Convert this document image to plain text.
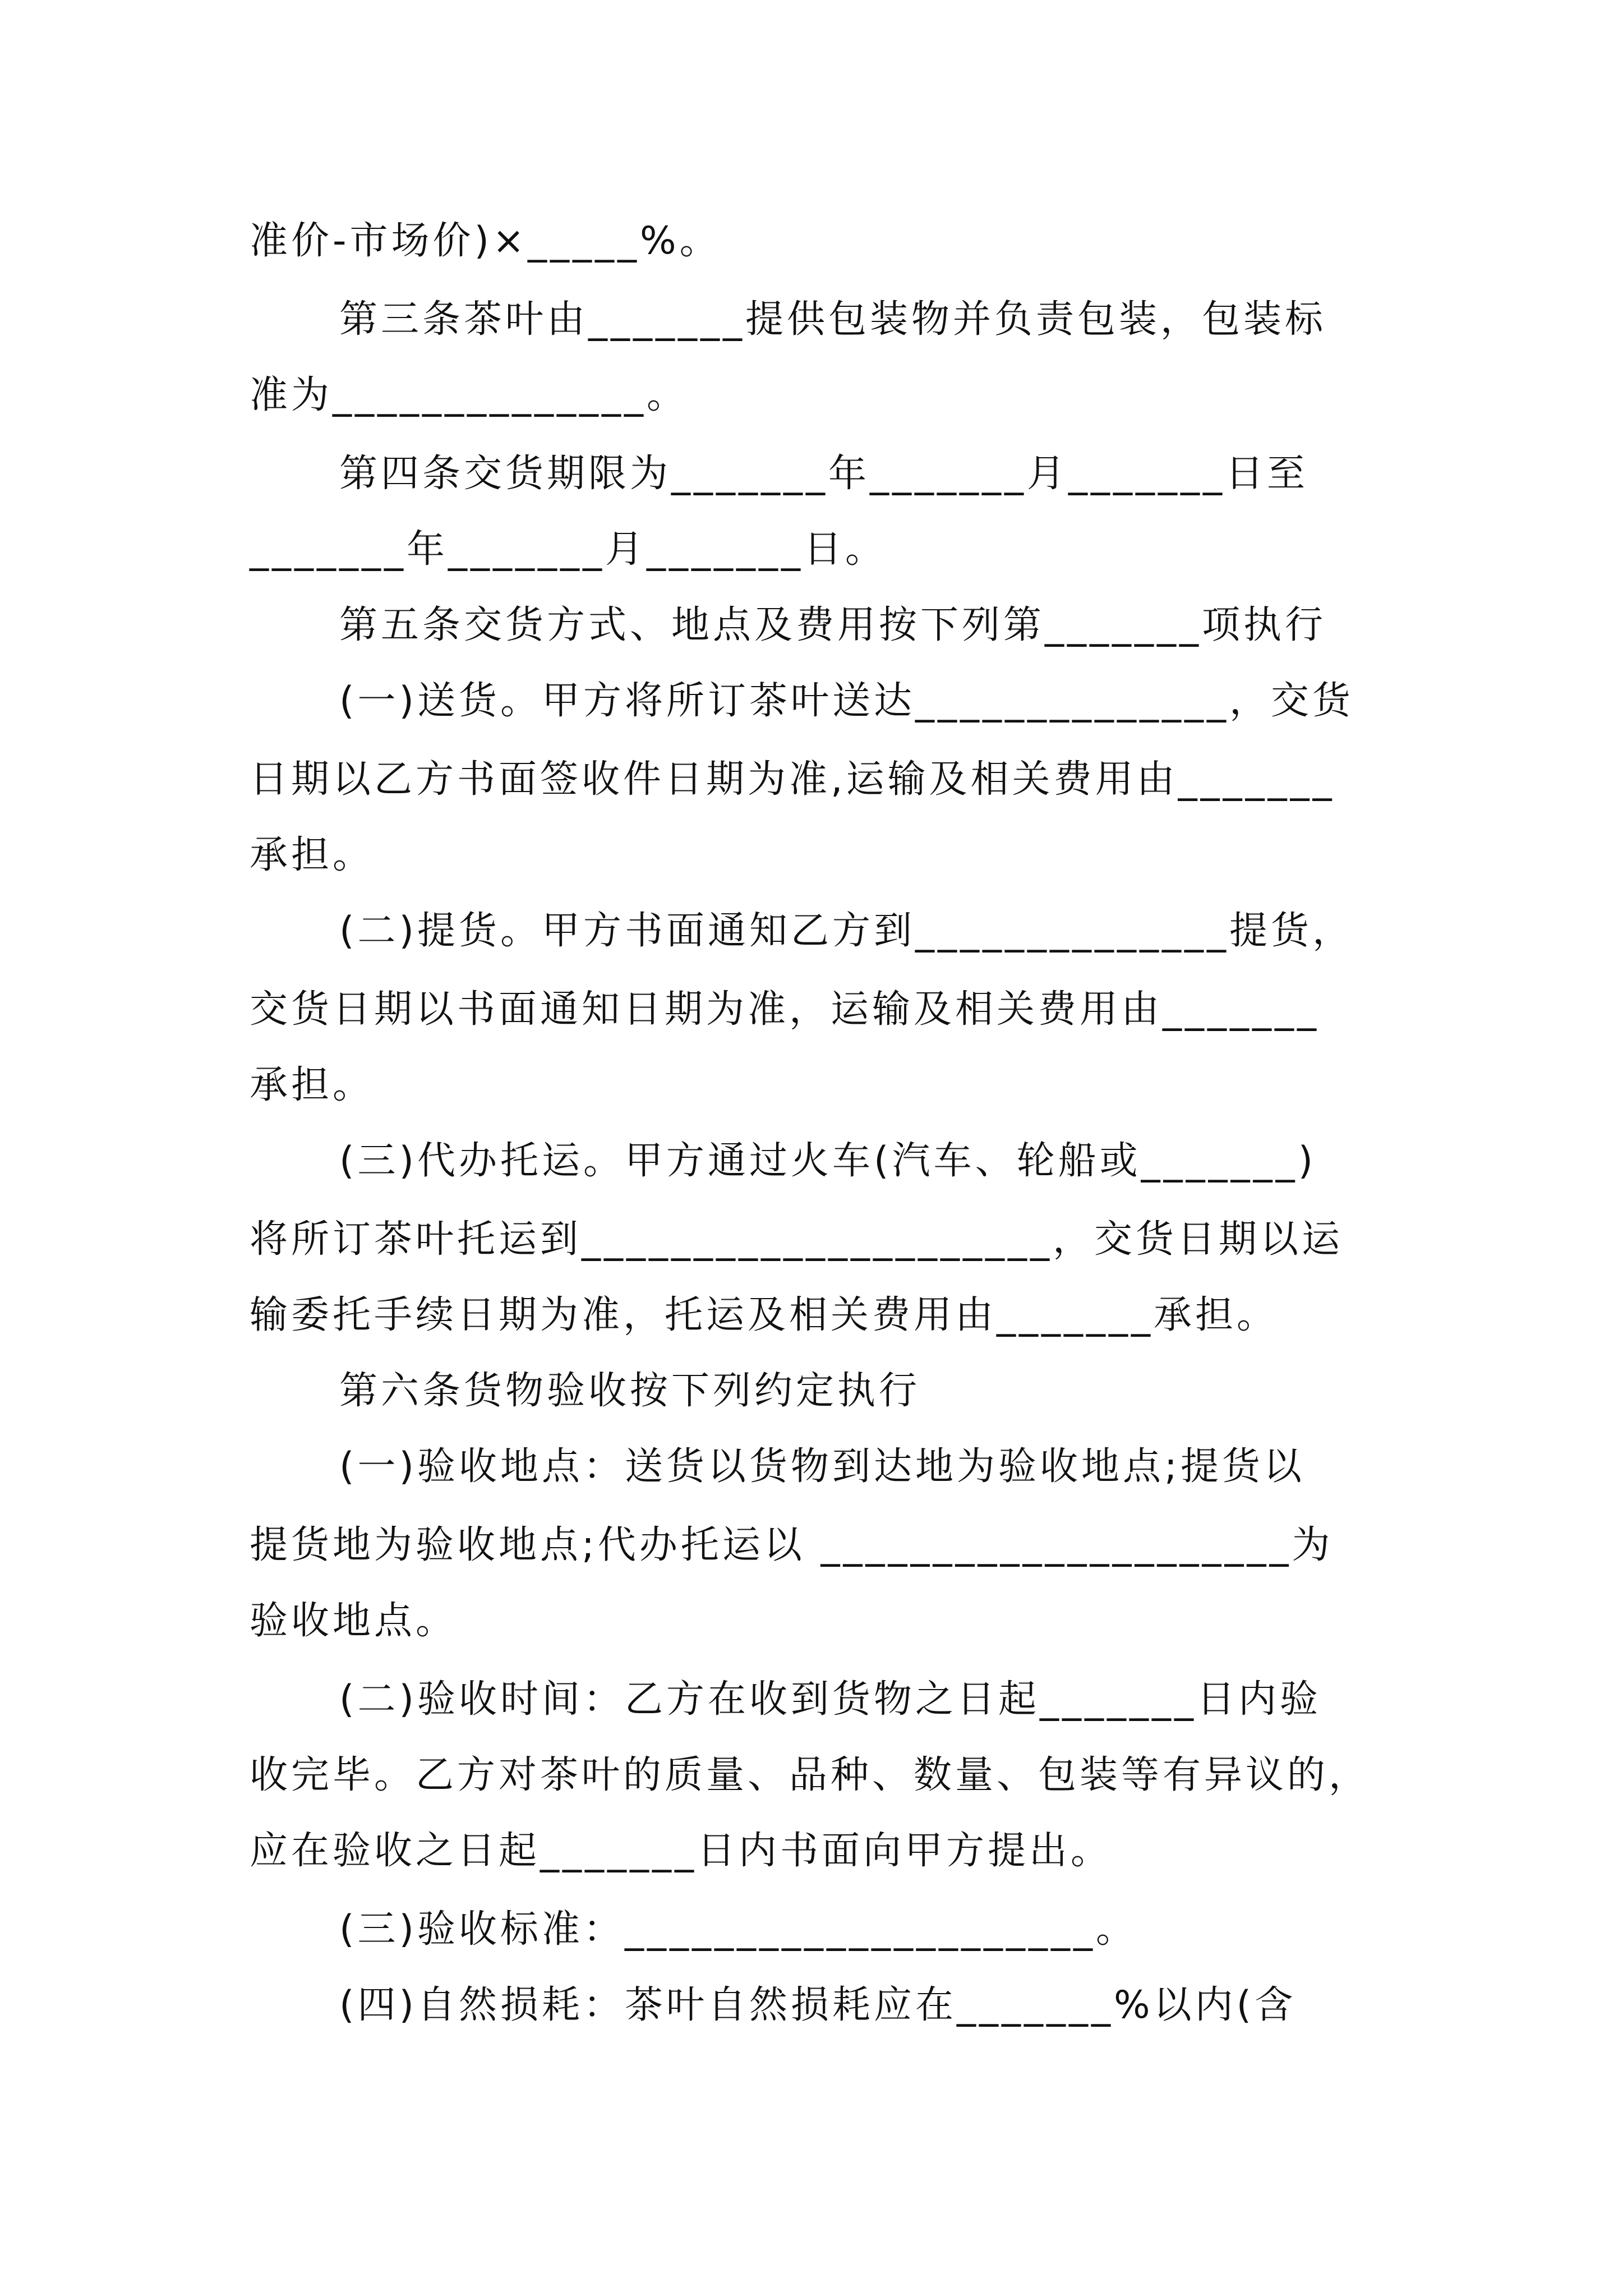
准价-市场价)×_____%。
第三条茶叶由_______提供包装物并负责包装，包装标
准为______________。
第四条交货期限为_______年_______月_______日至
_______年_______月_______日。
第五条交货方式、地点及费用按下列第_______项执行
(一)送货。甲方将所订茶叶送达______________，交货
日期以乙方书面签收件日期为准,运输及相关费用由_______
承担。
(二)提货。甲方书面通知乙方到______________提货，
交货日期以书面通知日期为准，运输及相关费用由_______
承担。
(三)代办托运。甲方通过火车(汽车、轮船或_______)
将所订茶叶托运到_____________________，交货日期以运
输委托手续日期为准，托运及相关费用由_______承担。
第六条货物验收按下列约定执行
(一)验收地点：送货以货物到达地为验收地点;提货以
提货地为验收地点;代办托运以 _____________________为
验收地点。
(二)验收时间：乙方在收到货物之日起_______日内验
收完毕。乙方对茶叶的质量、品种、数量、包装等有异议的，
应在验收之日起_______日内书面向甲方提出。
(三)验收标准：_____________________。
(四)自然损耗：茶叶自然损耗应在_______%以内(含
